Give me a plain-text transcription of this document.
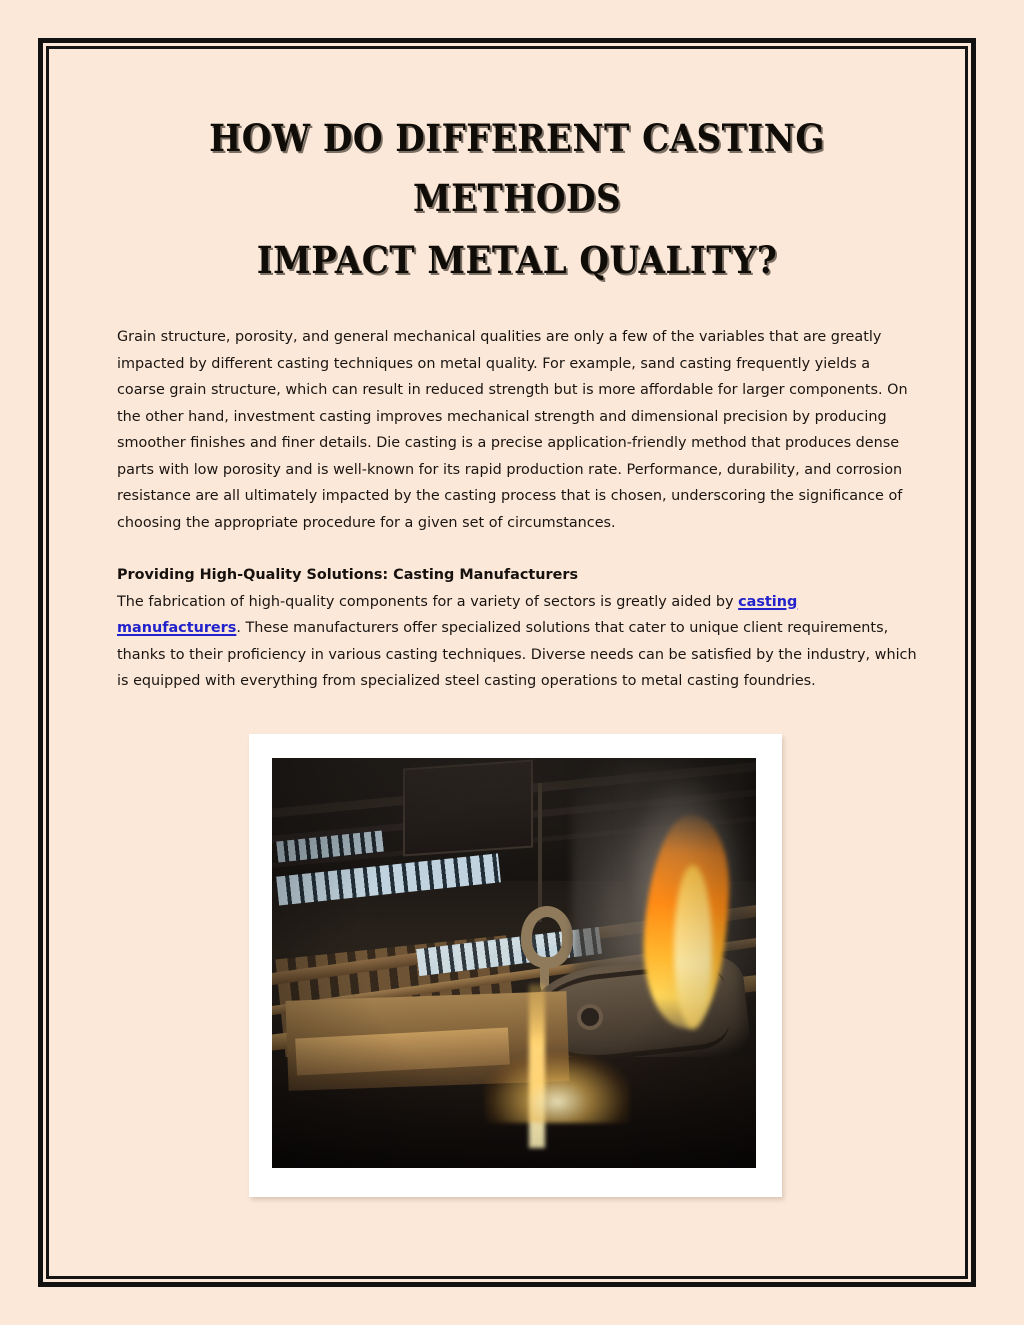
HOW DO DIFFERENT CASTING METHODS
IMPACT METAL QUALITY?

Grain structure, porosity, and general mechanical qualities are only a few of the variables that are greatly impacted by different casting techniques on metal quality. For example, sand casting frequently yields a coarse grain structure, which can result in reduced strength but is more affordable for larger components. On the other hand, investment casting improves mechanical strength and dimensional precision by producing smoother finishes and finer details. Die casting is a precise application-friendly method that produces dense parts with low porosity and is well-known for its rapid production rate. Performance, durability, and corrosion resistance are all ultimately impacted by the casting process that is chosen, underscoring the significance of choosing the appropriate procedure for a given set of circumstances.

Providing High-Quality Solutions: Casting Manufacturers
The fabrication of high-quality components for a variety of sectors is greatly aided by casting manufacturers. These manufacturers offer specialized solutions that cater to unique client requirements, thanks to their proficiency in various casting techniques. Diverse needs can be satisfied by the industry, which is equipped with everything from specialized steel casting operations to metal casting foundries.
